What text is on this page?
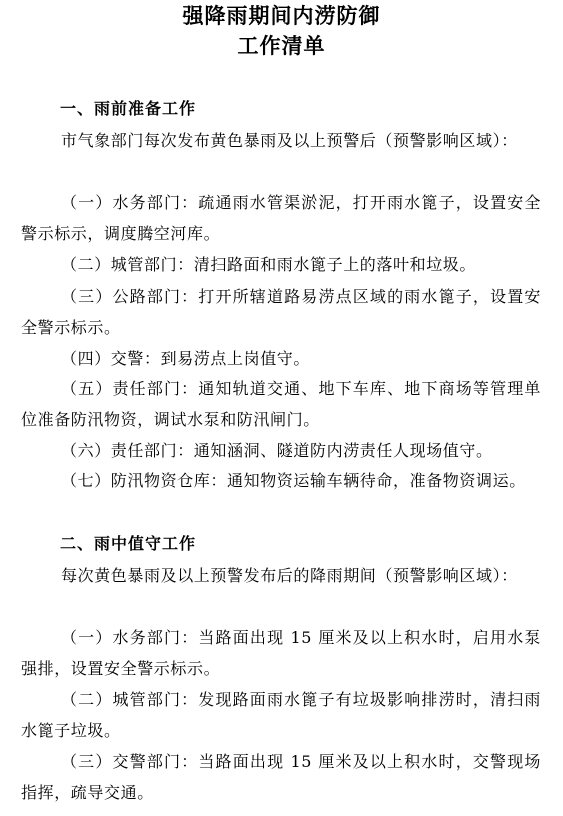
强降雨期间内涝防御
工作清单
一、雨前准备工作
市气象部门每次发布黄色暴雨及以上预警后（预警影响区域）：
（一）水务部门：疏通雨水管渠淤泥，打开雨水篦子，设置安全警示标示，调度腾空河库。
（二）城管部门：清扫路面和雨水篦子上的落叶和垃圾。
（三）公路部门：打开所辖道路易涝点区域的雨水篦子，设置安全警示标示。
（四）交警：到易涝点上岗值守。
（五）责任部门：通知轨道交通、地下车库、地下商场等管理单位准备防汛物资，调试水泵和防汛闸门。
（六）责任部门：通知涵洞、隧道防内涝责任人现场值守。
（七）防汛物资仓库：通知物资运输车辆待命，准备物资调运。
二、雨中值守工作
每次黄色暴雨及以上预警发布后的降雨期间（预警影响区域）：
（一）水务部门：当路面出现 15 厘米及以上积水时，启用水泵强排，设置安全警示标示。
（二）城管部门：发现路面雨水篦子有垃圾影响排涝时，清扫雨水篦子垃圾。
（三）交警部门：当路面出现 15 厘米及以上积水时，交警现场指挥，疏导交通。
